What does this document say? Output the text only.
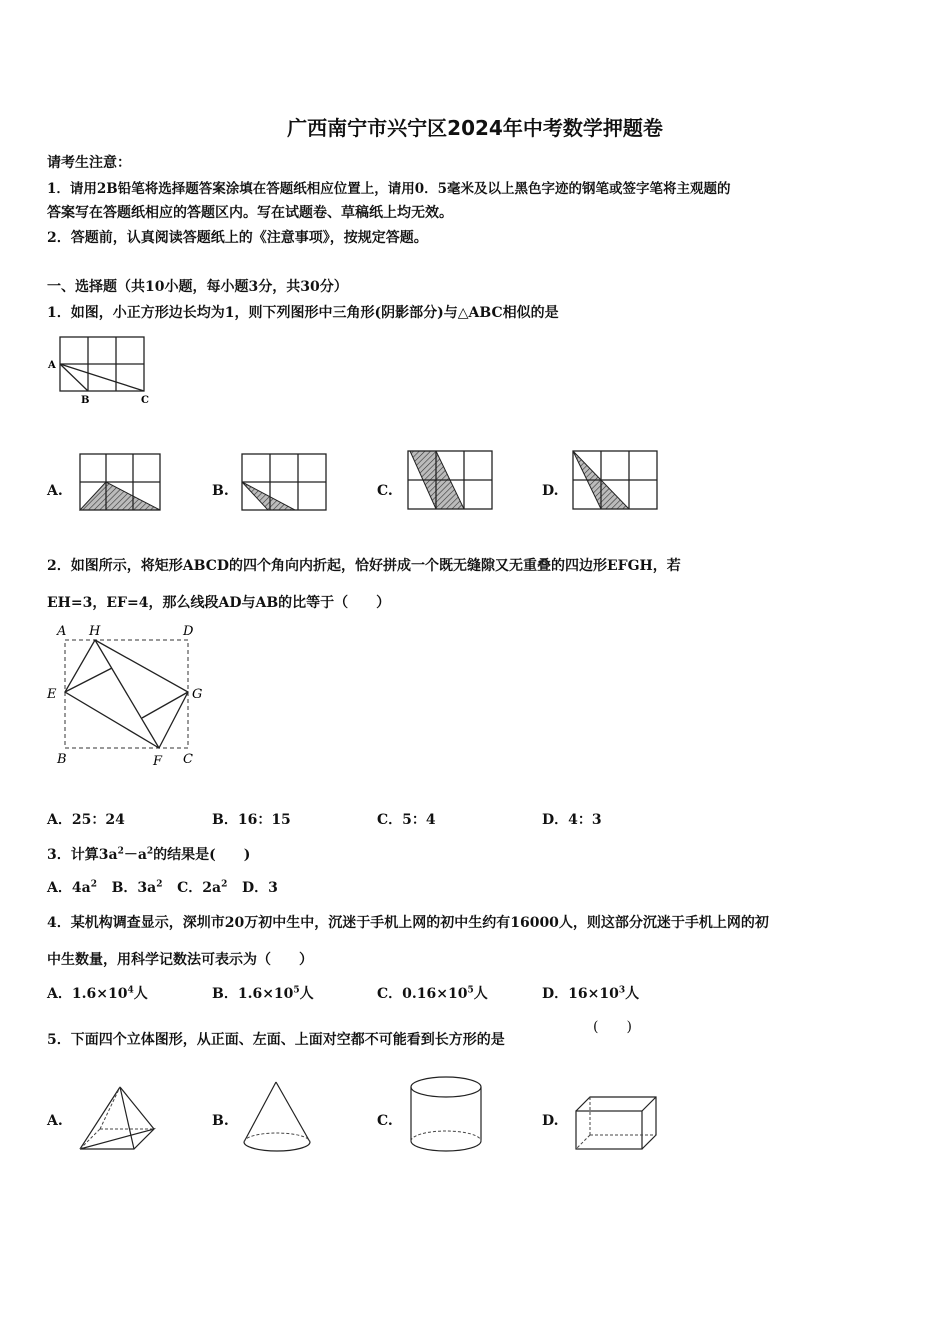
广西南宁市兴宁区2024年中考数学押题卷
请考生注意：
1．请用2B铅笔将选择题答案涂填在答题纸相应位置上，请用0．5毫米及以上黑色字迹的钢笔或签字笔将主观题的
答案写在答题纸相应的答题区内。写在试题卷、草稿纸上均无效。
2．答题前，认真阅读答题纸上的《注意事项》，按规定答题。
一、选择题（共10小题，每小题3分，共30分）
1．如图，小正方形边长均为1，则下列图形中三角形(阴影部分)与△ABC相似的是
A
B	C
A.	B.	C.	D.
2．如图所示，将矩形ABCD的四个角向内折起，恰好拼成一个既无缝隙又无重叠的四边形EFGH，若
EH=3，EF=4，那么线段AD与AB的比等于（　　）
A H	D
E	G
B	F C
A．25：24	B．16：15	C．5：4	D．4：3
3．计算$3a^2-a^2$的结果是(　　)
A．$4a^2$ B．$3a^2$ C．$2a^2$ D．3
4．某机构调查显示，深圳市20万初中生中，沉迷于手机上网的初中生约有16000人，则这部分沉迷于手机上网的初
中生数量，用科学记数法可表示为（　　）
A．$1.6\times 10^4$人	B．$1.6\times 10^5$人	C．$0.16\times 10^5$人	D．$16\times 10^3$人
5．下面四个立体图形，从正面、左面、上面对空都不可能看到长方形的是
(　　)
A.	B.	C.	D.
